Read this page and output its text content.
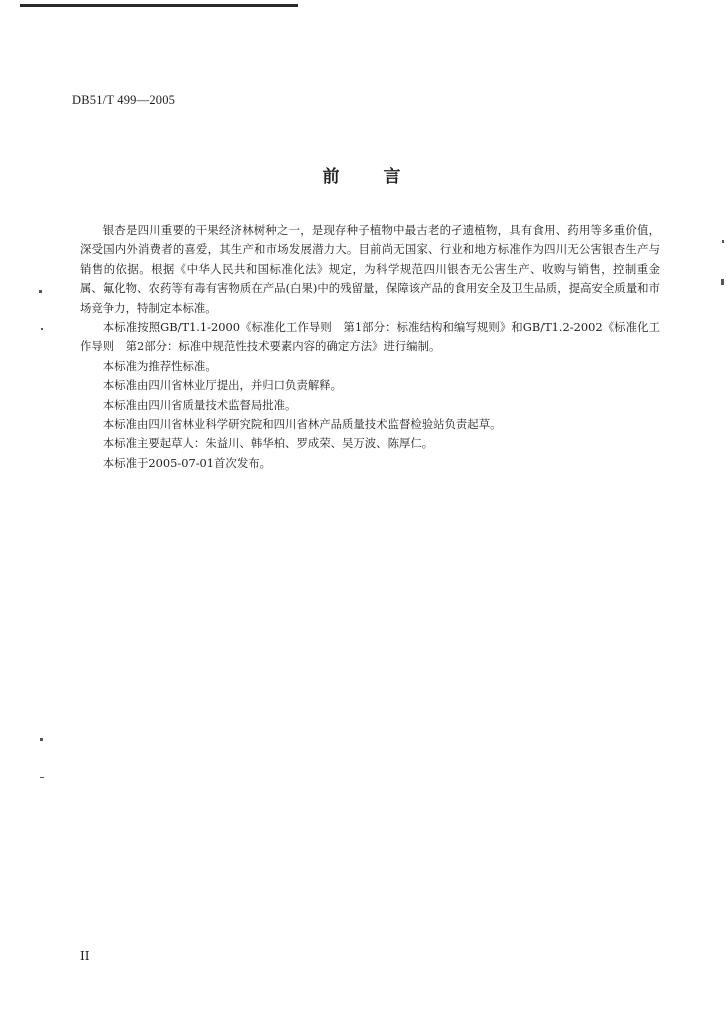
DB51/T 499—2005
前言

银杏是四川重要的干果经济林树种之一，是现存种子植物中最古老的孑遗植物，具有食用、药用等多重价值，深受国内外消费者的喜爱，其生产和市场发展潜力大。目前尚无国家、行业和地方标准作为四川无公害银杏生产与销售的依据。根据《中华人民共和国标准化法》规定，为科学规范四川银杏无公害生产、收购与销售，控制重金属、氟化物、农药等有毒有害物质在产品(白果)中的残留量，保障该产品的食用安全及卫生品质，提高安全质量和市场竞争力，特制定本标准。

本标准按照GB/T1.1-2000《标准化工作导则　第1部分：标准结构和编写规则》和GB/T1.2-2002《标准化工作导则　第2部分：标准中规范性技术要素内容的确定方法》进行编制。

本标准为推荐性标准。

本标准由四川省林业厅提出，并归口负责解释。

本标准由四川省质量技术监督局批准。

本标准由四川省林业科学研究院和四川省林产品质量技术监督检验站负责起草。

本标准主要起草人：朱益川、韩华柏、罗成荣、吴万波、陈厚仁。

本标准于2005-07-01首次发布。

II
